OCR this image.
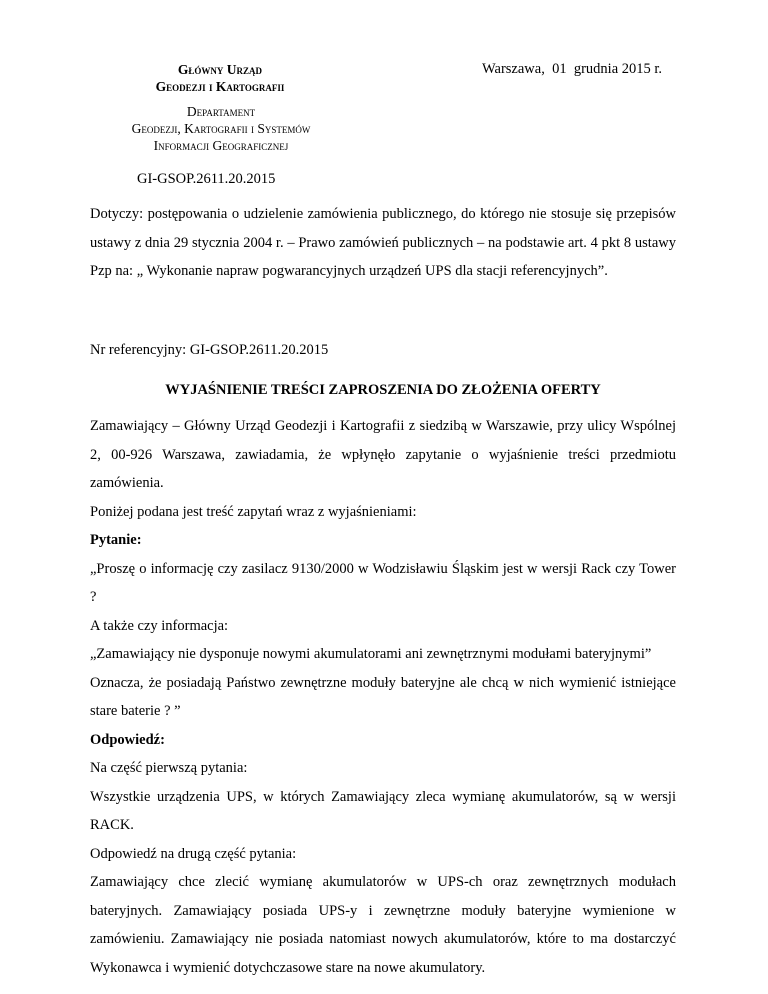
Główny Urząd
Geodezji i Kartografii
Departament
Geodezji, Kartografii i Systemów
Informacji Geograficznej
Warszawa,  01  grudnia 2015 r.
GI-GSOP.2611.20.2015
Dotyczy: postępowania o udzielenie zamówienia publicznego, do którego nie stosuje się przepisów ustawy z dnia 29 stycznia 2004 r. – Prawo zamówień publicznych – na podstawie art. 4 pkt 8 ustawy Pzp na: „ Wykonanie napraw pogwarancyjnych urządzeń UPS dla stacji referencyjnych”.
Nr referencyjny: GI-GSOP.2611.20.2015
WYJAŚNIENIE TREŚCI ZAPROSZENIA DO ZŁOŻENIA OFERTY

Zamawiający – Główny Urząd Geodezji i Kartografii z siedzibą w Warszawie, przy ulicy Wspólnej 2, 00-926 Warszawa, zawiadamia, że wpłynęło zapytanie o wyjaśnienie treści przedmiotu zamówienia.

Poniżej podana jest treść zapytań wraz z wyjaśnieniami:

Pytanie:

„Proszę o informację czy zasilacz 9130/2000 w Wodzisławiu Śląskim jest w wersji Rack czy Tower ?

A także czy informacja:

„Zamawiający nie dysponuje nowymi akumulatorami ani zewnętrznymi modułami bateryjnymi”

Oznacza, że posiadają Państwo zewnętrzne moduły bateryjne ale chcą w nich wymienić istniejące stare baterie ? ”

Odpowiedź:

Na część pierwszą pytania:

Wszystkie urządzenia UPS, w których Zamawiający zleca wymianę akumulatorów, są w wersji RACK.

Odpowiedź na drugą część pytania:

Zamawiający chce zlecić wymianę akumulatorów w UPS-ch oraz zewnętrznych modułach bateryjnych. Zamawiający posiada UPS-y i zewnętrzne moduły bateryjne wymienione w zamówieniu. Zamawiający nie posiada natomiast nowych akumulatorów, które to ma dostarczyć Wykonawca i wymienić dotychczasowe stare na nowe akumulatory.
